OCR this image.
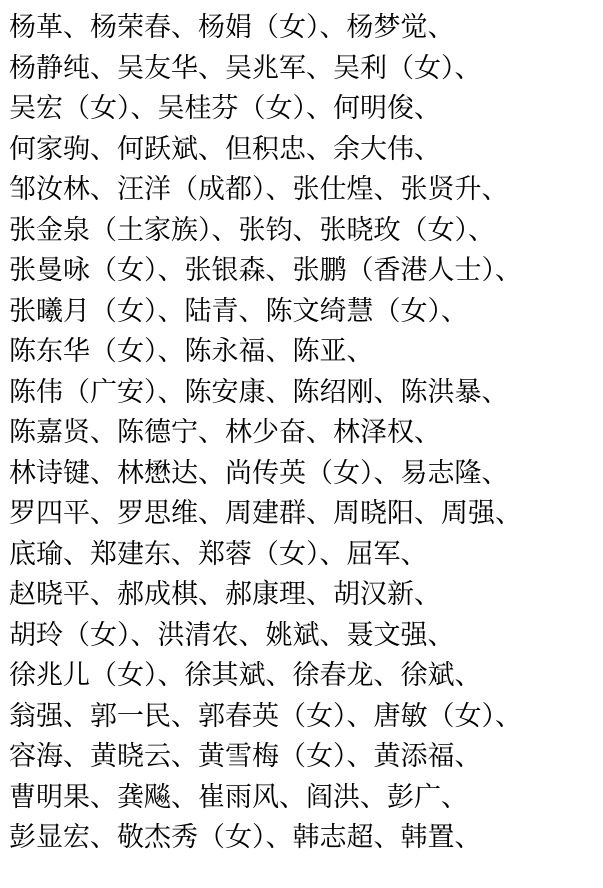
杨革、杨荣春、杨娟（女）、杨梦觉、
杨静纯、吴友华、吴兆军、吴利（女）、
吴宏（女）、吴桂芬（女）、何明俊、
何家驹、何跃斌、但积忠、余大伟、
邹汝林、汪洋（成都）、张仕煌、张贤升、
张金泉（土家族）、张钧、张晓玫（女）、
张曼咏（女）、张银森、张鹏（香港人士）、
张曦月（女）、陆青、陈文绮慧（女）、
陈东华（女）、陈永福、陈亚、
陈伟（广安）、陈安康、陈绍刚、陈洪暴、
陈嘉贤、陈德宁、林少奋、林泽权、
林诗键、林懋达、尚传英（女）、易志隆、
罗四平、罗思维、周建群、周晓阳、周强、
底瑜、郑建东、郑蓉（女）、屈军、
赵晓平、郝成棋、郝康理、胡汉新、
胡玲（女）、洪清农、姚斌、聂文强、
徐兆儿（女）、徐其斌、徐春龙、徐斌、
翁强、郭一民、郭春英（女）、唐敏（女）、
容海、黄晓云、黄雪梅（女）、黄添福、
曹明果、龚飚、崔雨风、阎洪、彭广、
彭显宏、敬杰秀（女）、韩志超、韩置、
